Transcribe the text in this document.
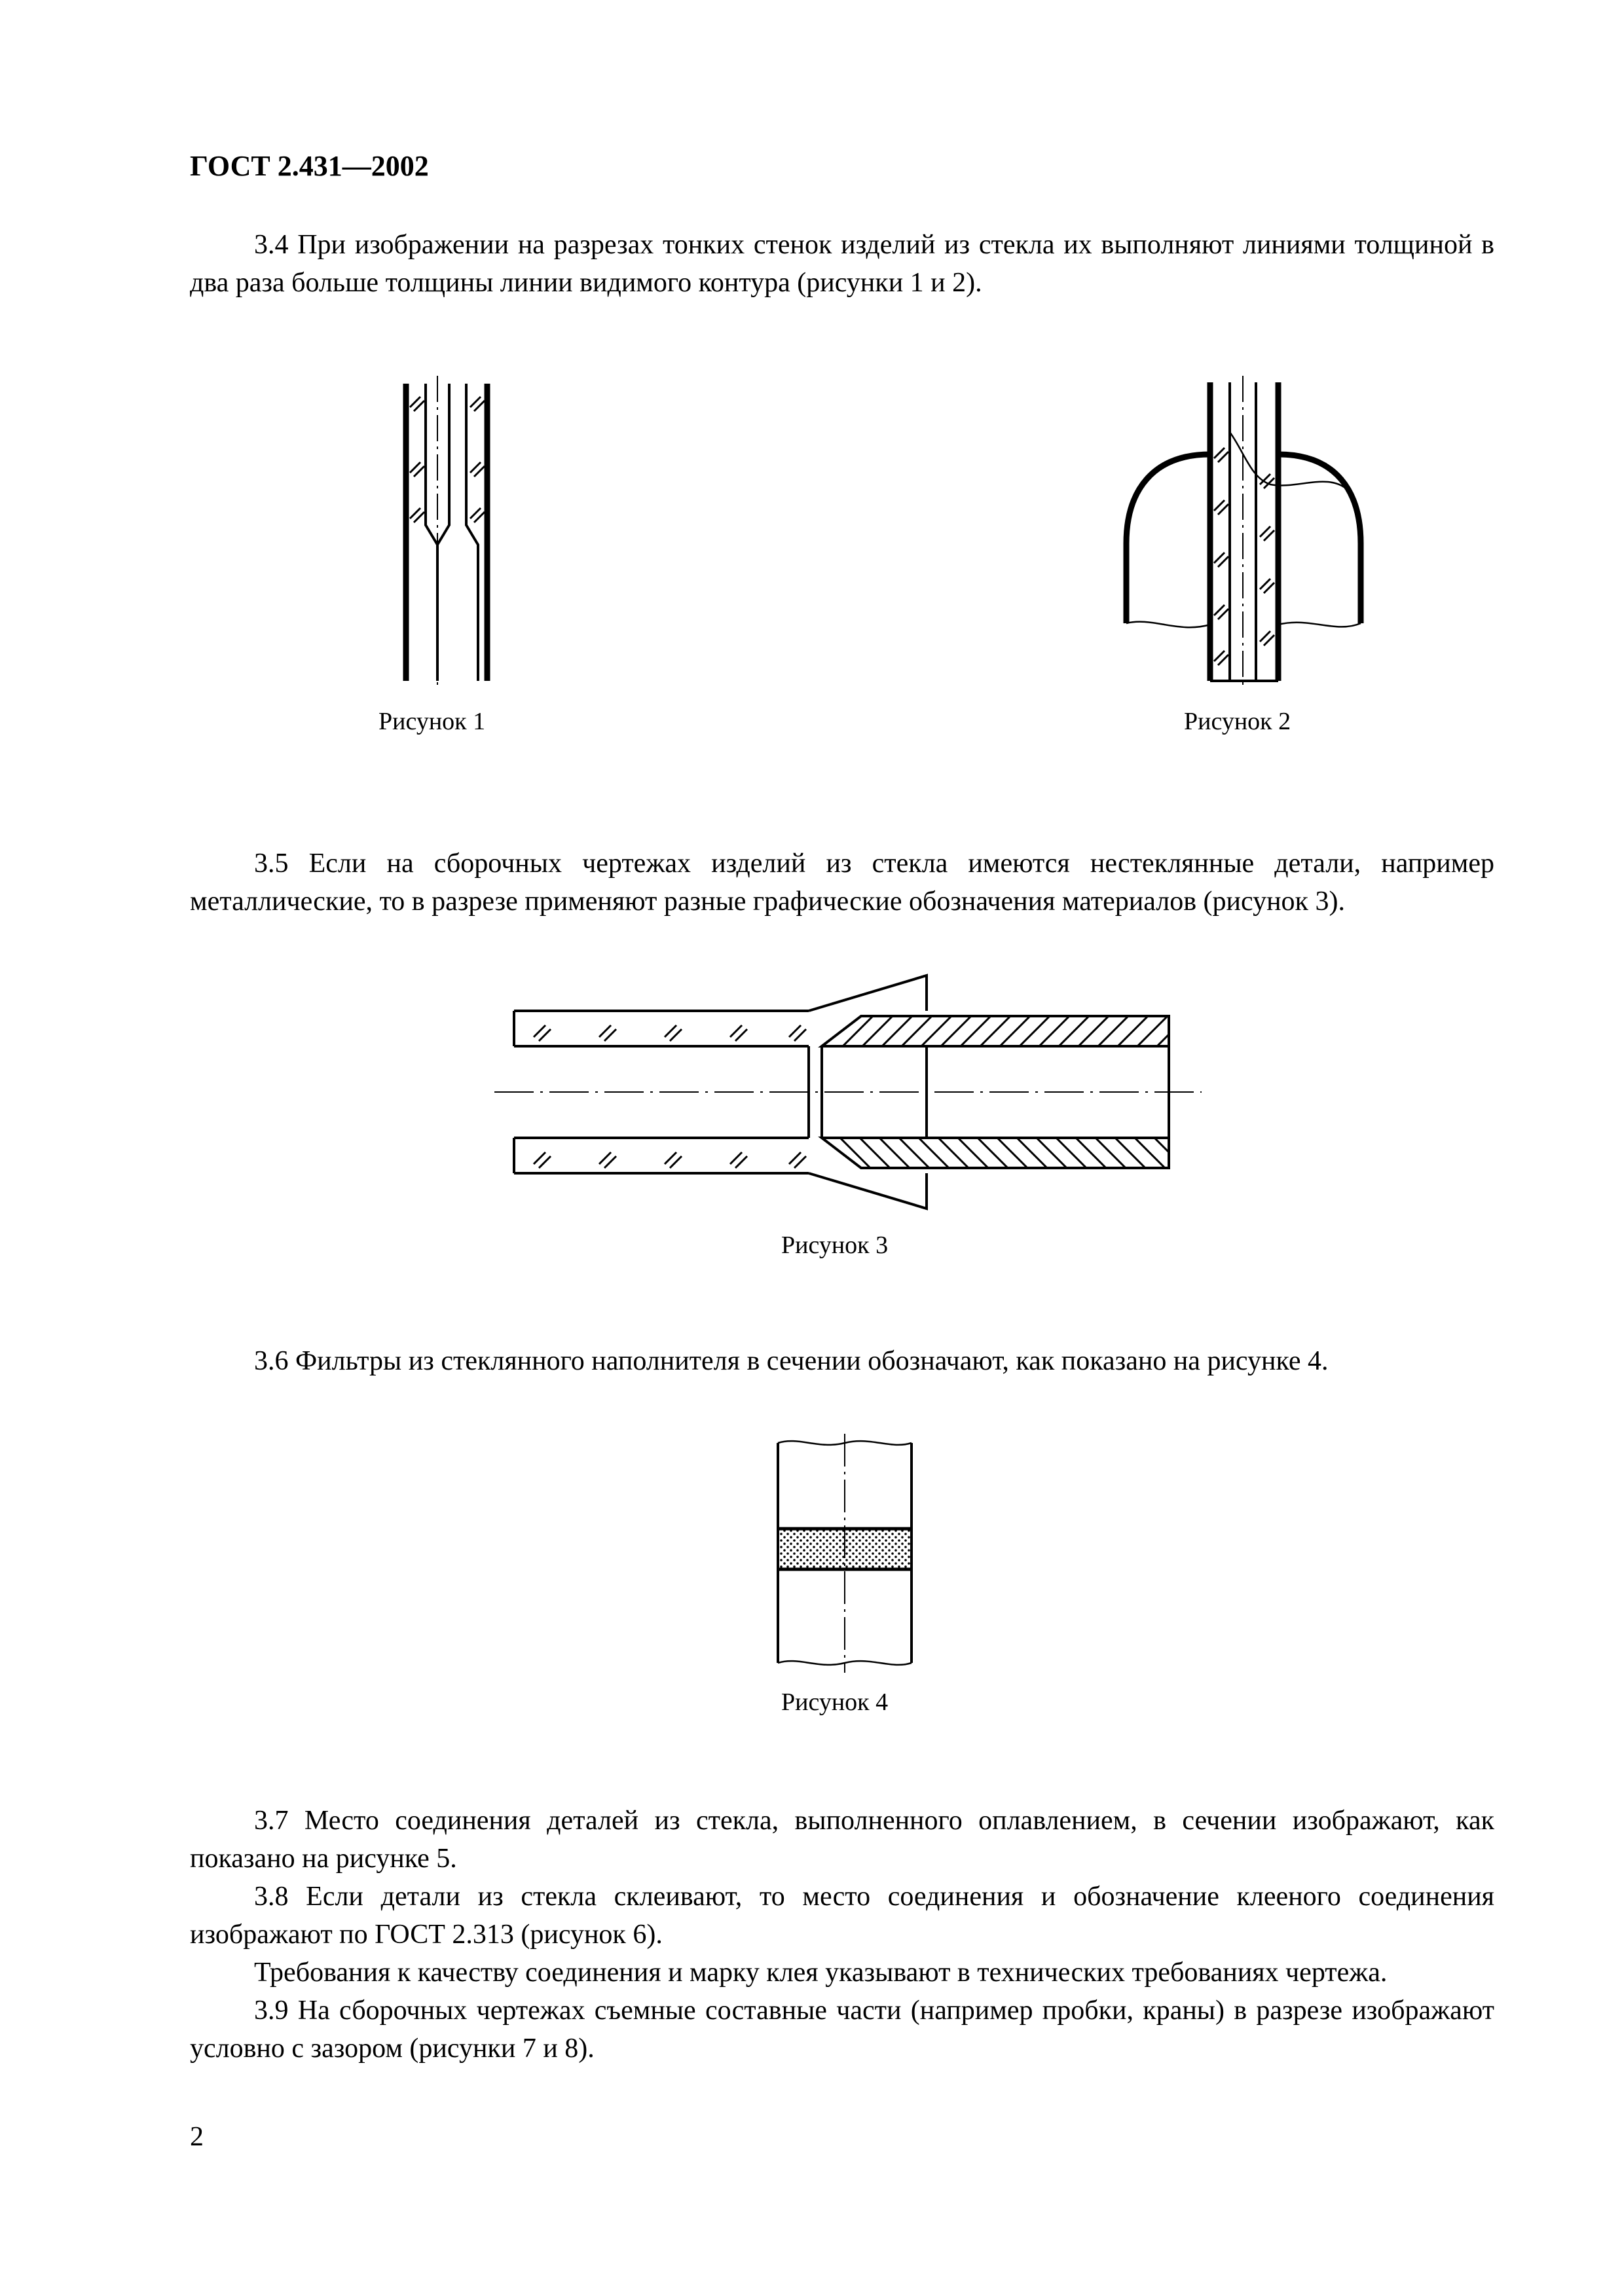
ГОСТ 2.431—2002
3.4 При изображении на разрезах тонких стенок изделий из стекла их выполняют линиями толщиной в два раза больше толщины линии видимого контура (рисунки 1 и 2).
Рисунок 1	Рисунок 2
3.5 Если на сборочных чертежах изделий из стекла имеются нестеклянные детали, например металлические, то в разрезе применяют разные графические обозначения материалов (рисунок 3).
Рисунок 3
3.6 Фильтры из стеклянного наполнителя в сечении обозначают, как показано на рисунке 4.
Рисунок 4
3.7 Место соединения деталей из стекла, выполненного оплавлением, в сечении изображают, как показано на рисунке 5.
3.8 Если детали из стекла склеивают, то место соединения и обозначение клееного соединения изображают по ГОСТ 2.313 (рисунок 6).
Требования к качеству соединения и марку клея указывают в технических требованиях чертежа.
3.9 На сборочных чертежах съемные составные части (например пробки, краны) в разрезе изображают условно с зазором (рисунки 7 и 8).
2
